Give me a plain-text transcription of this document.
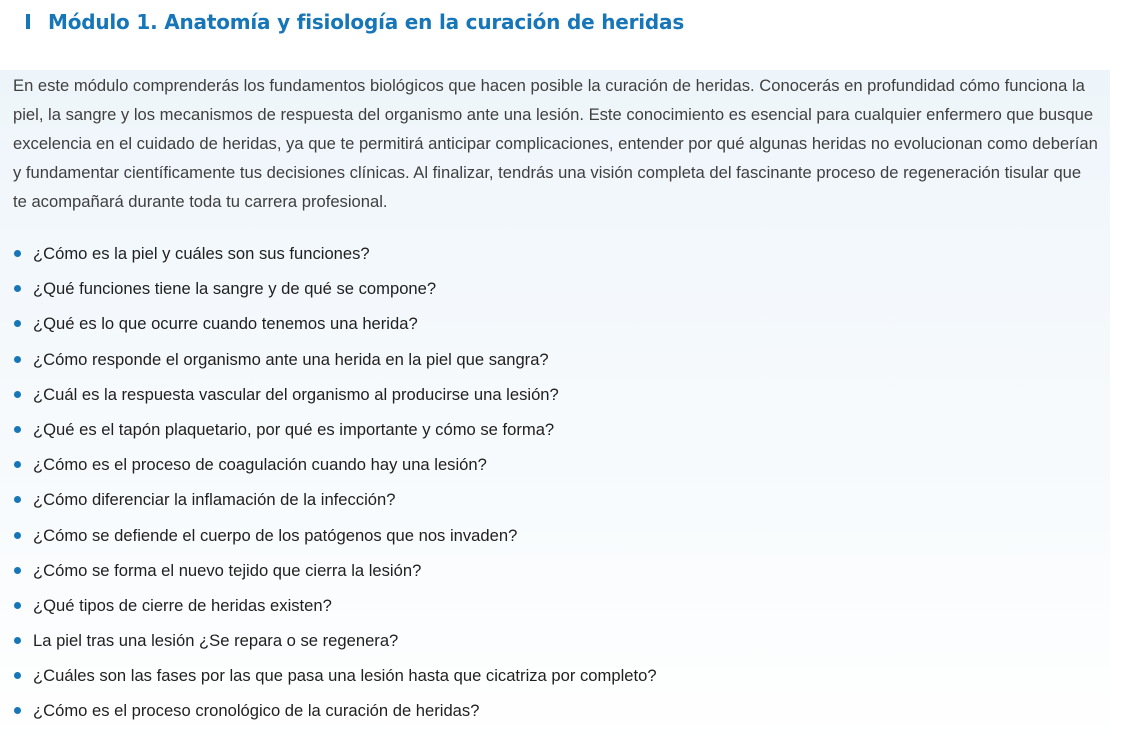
Módulo 1. Anatomía y fisiología en la curación de heridas

En este módulo comprenderás los fundamentos biológicos que hacen posible la curación de heridas. Conocerás en profundidad cómo funciona la piel, la sangre y los mecanismos de respuesta del organismo ante una lesión. Este conocimiento es esencial para cualquier enfermero que busque excelencia en el cuidado de heridas, ya que te permitirá anticipar complicaciones, entender por qué algunas heridas no evolucionan como deberían y fundamentar científicamente tus decisiones clínicas. Al finalizar, tendrás una visión completa del fascinante proceso de regeneración tisular que te acompañará durante toda tu carrera profesional.

¿Cómo es la piel y cuáles son sus funciones?
¿Qué funciones tiene la sangre y de qué se compone?
¿Qué es lo que ocurre cuando tenemos una herida?
¿Cómo responde el organismo ante una herida en la piel que sangra?
¿Cuál es la respuesta vascular del organismo al producirse una lesión?
¿Qué es el tapón plaquetario, por qué es importante y cómo se forma?
¿Cómo es el proceso de coagulación cuando hay una lesión?
¿Cómo diferenciar la inflamación de la infección?
¿Cómo se defiende el cuerpo de los patógenos que nos invaden?
¿Cómo se forma el nuevo tejido que cierra la lesión?
¿Qué tipos de cierre de heridas existen?
La piel tras una lesión ¿Se repara o se regenera?
¿Cuáles son las fases por las que pasa una lesión hasta que cicatriza por completo?
¿Cómo es el proceso cronológico de la curación de heridas?
